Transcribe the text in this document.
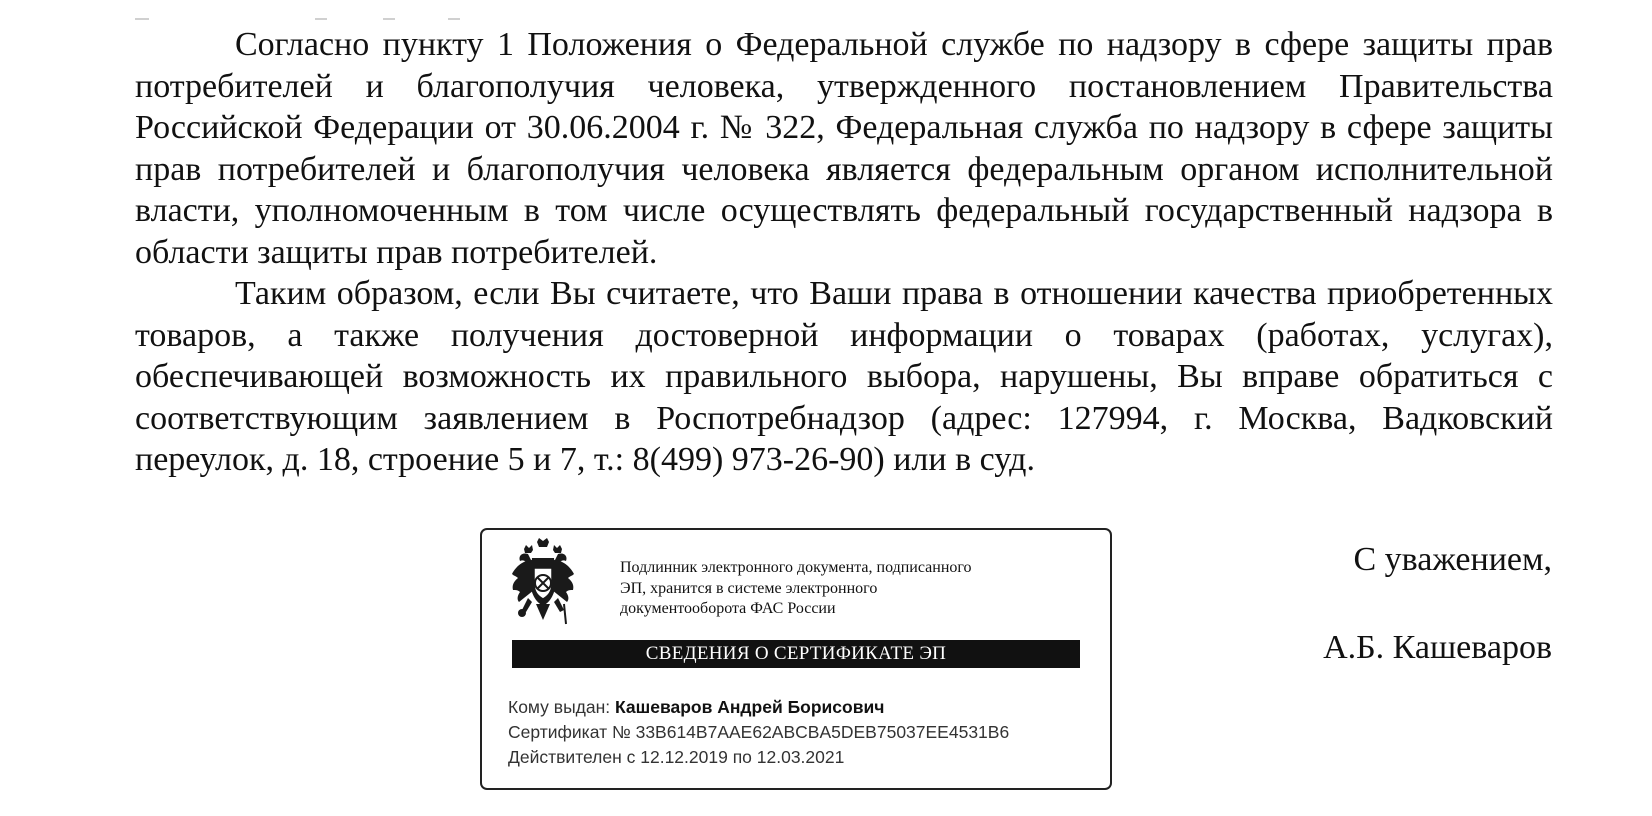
Согласно пункту 1 Положения о Федеральной службе по надзору в сфере защиты прав потребителей и благополучия человека, утвержденного постановлением Правительства Российской Федерации от 30.06.2004 г. № 322, Федеральная служба по надзору в сфере защиты прав потребителей и благополучия человека является федеральным органом исполнительной власти, уполномоченным в том числе осуществлять федеральный государственный надзора в области защиты прав потребителей.

Таким образом, если Вы считаете, что Ваши права в отношении качества приобретенных товаров, а также получения достоверной информации о товарах (работах, услугах), обеспечивающей возможность их правильного выбора, нарушены, Вы вправе обратиться с соответствующим заявлением в Роспотребнадзор (адрес: 127994, г. Москва, Вадковский переулок, д. 18, строение 5 и 7, т.: 8(499) 973-26-90) или в суд.

Подлинник электронного документа, подписанного
ЭП, хранится в системе электронного
документооборота ФАС России
СВЕДЕНИЯ О СЕРТИФИКАТЕ ЭП
Кому выдан: Кашеваров Андрей Борисович
Сертификат № 33B614B7AAE62ABCBA5DEB75037EE4531B6
Действителен с 12.12.2019 по 12.03.2021
С уважением,
А.Б. Кашеваров
